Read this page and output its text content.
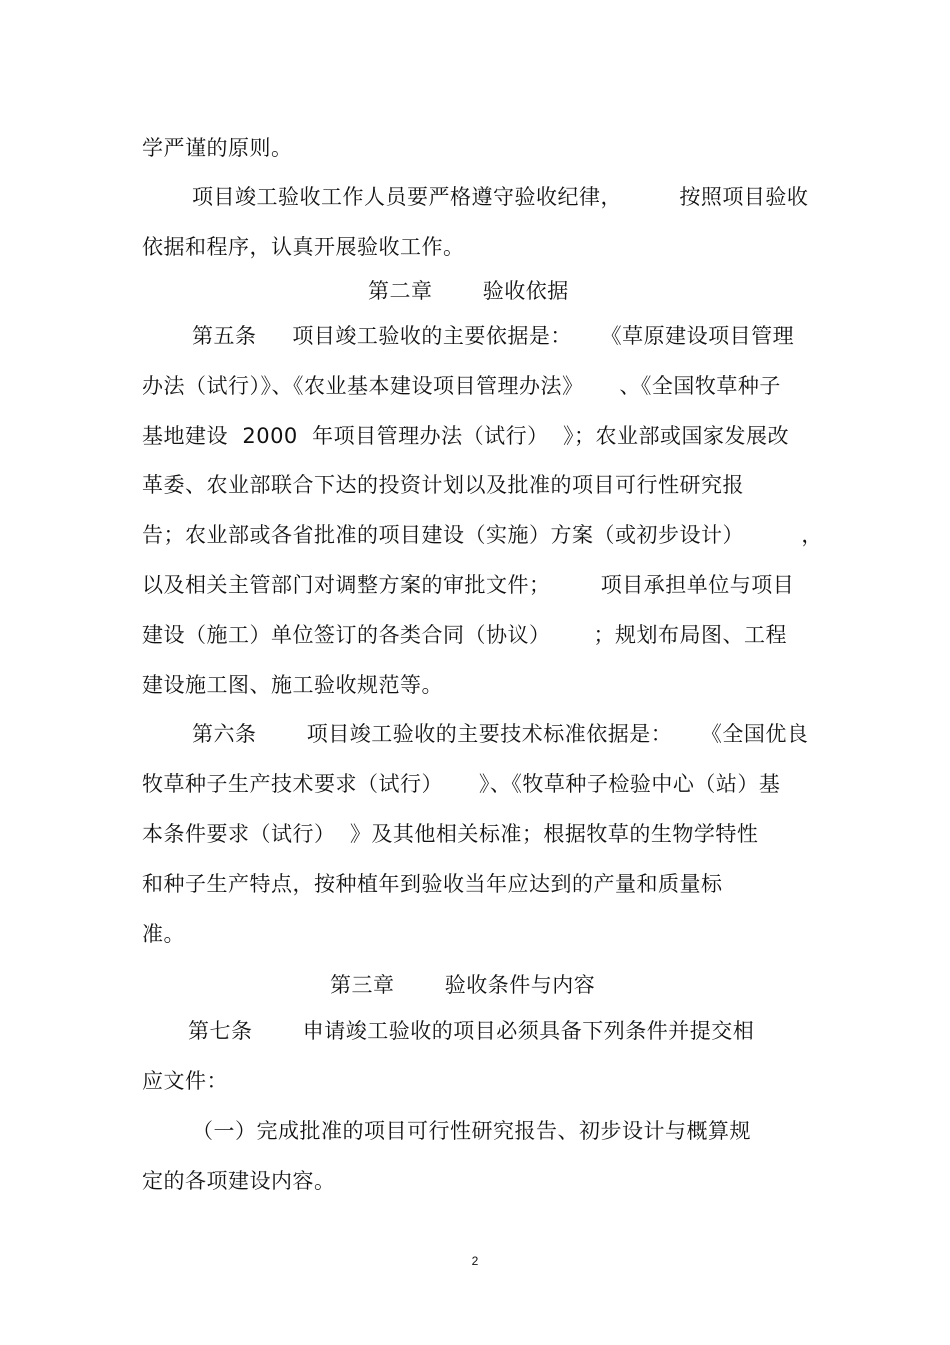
学严谨的原则。
项目竣工验收工作人员要严格遵守验收纪律，        按照项目验收
依据和程序，认真开展验收工作。
第二章       验收依据
第五条     项目竣工验收的主要依据是：    《草原建设项目管理
办法（试行）》、《农业基本建设项目管理办法》     、《全国牧草种子
基地建设  2000  年项目管理办法（试行）  》；农业部或国家发展改
革委、农业部联合下达的投资计划以及批准的项目可行性研究报
告；农业部或各省批准的项目建设（实施）方案（或初步设计）        ，
以及相关主管部门对调整方案的审批文件；       项目承担单位与项目
建设（施工）单位签订的各类合同（协议）      ；规划布局图、工程
建设施工图、施工验收规范等。
第六条       项目竣工验收的主要技术标准依据是：    《全国优良
牧草种子生产技术要求（试行）     》、《牧草种子检验中心（站）基
本条件要求（试行）  》及其他相关标准；根据牧草的生物学特性
和种子生产特点，按种植年到验收当年应达到的产量和质量标
准。
第三章       验收条件与内容
第七条       申请竣工验收的项目必须具备下列条件并提交相
应文件：
（一）完成批准的项目可行性研究报告、初步设计与概算规
定的各项建设内容。
2
